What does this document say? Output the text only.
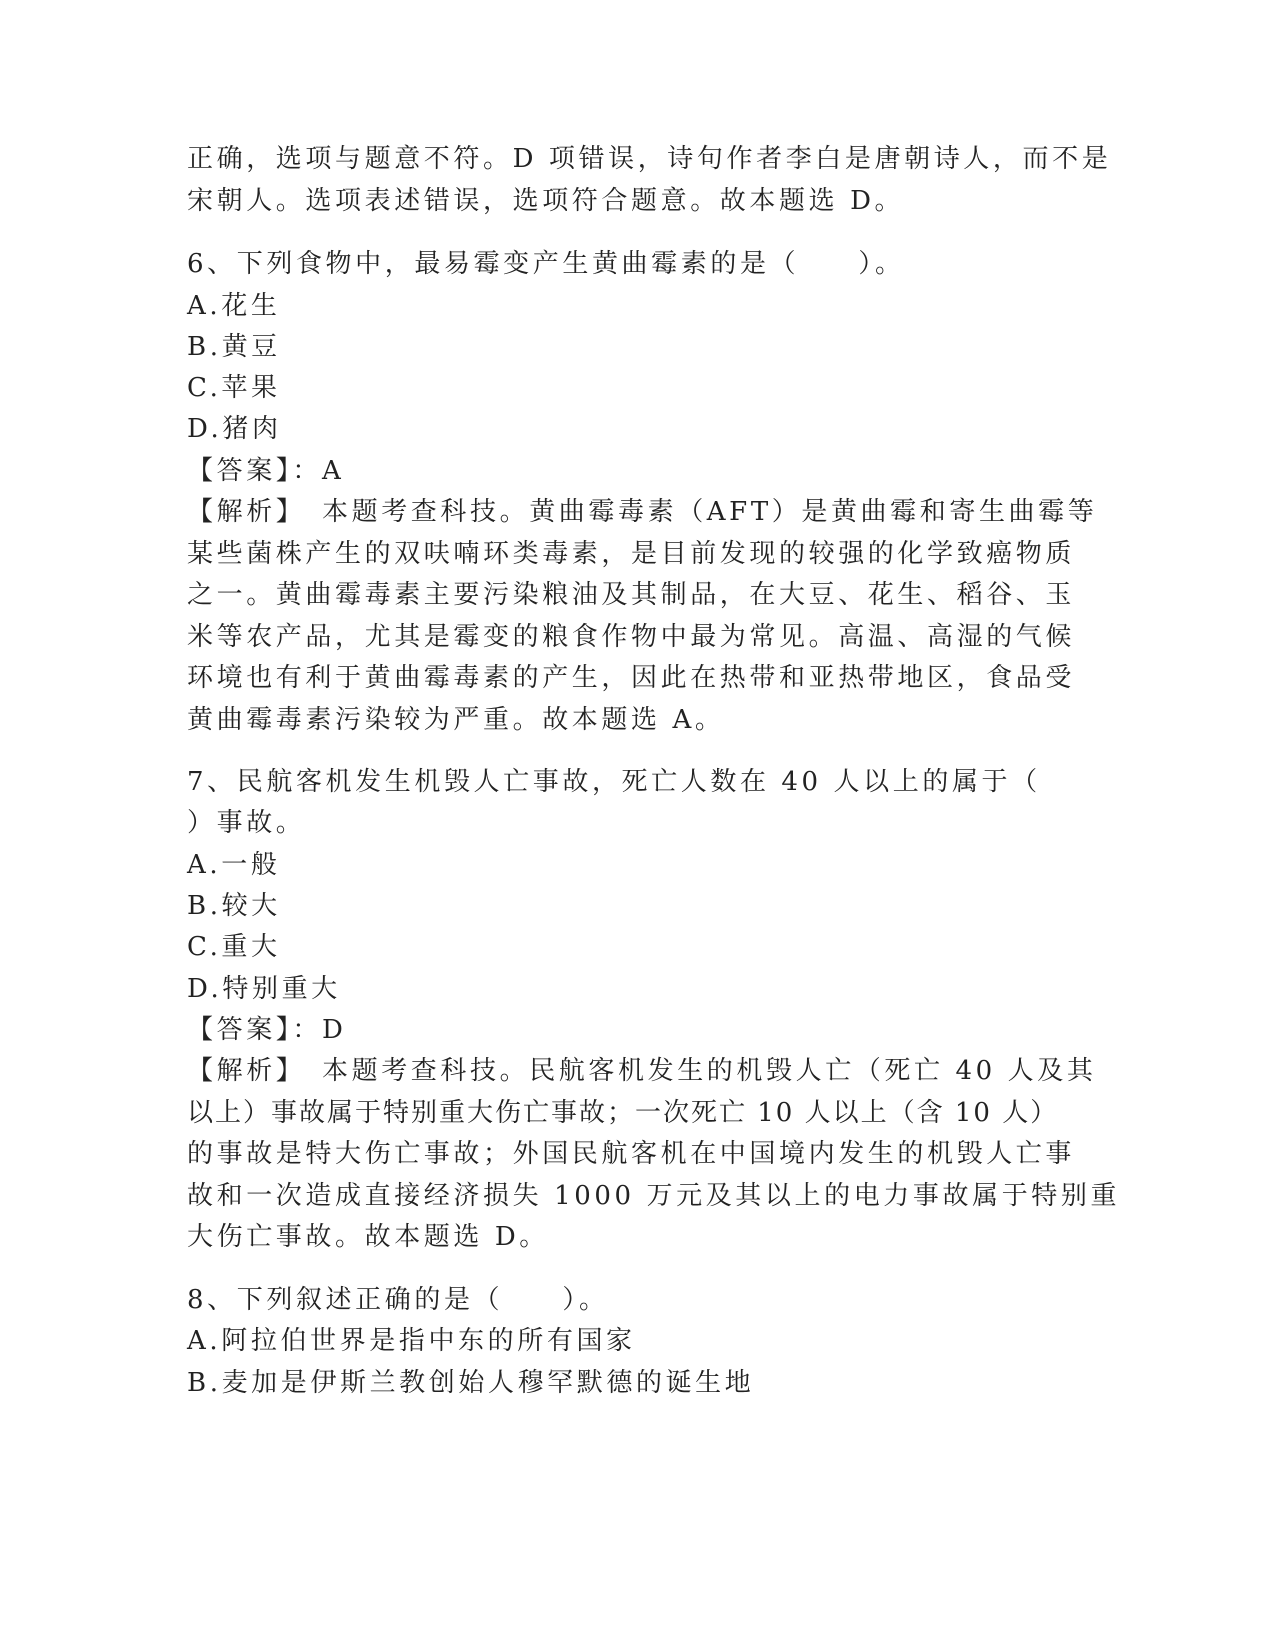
正确，选项与题意不符。D 项错误，诗句作者李白是唐朝诗人，而不是
宋朝人。选项表述错误，选项符合题意。故本题选 D。
6、下列食物中，最易霉变产生黄曲霉素的是（　　）。
A.花生
B.黄豆
C.苹果
D.猪肉
【答案】：A
【解析】　本题考查科技。黄曲霉毒素（AFT）是黄曲霉和寄生曲霉等
某些菌株产生的双呋喃环类毒素，是目前发现的较强的化学致癌物质
之一。黄曲霉毒素主要污染粮油及其制品，在大豆、花生、稻谷、玉
米等农产品，尤其是霉变的粮食作物中最为常见。高温、高湿的气候
环境也有利于黄曲霉毒素的产生，因此在热带和亚热带地区，食品受
黄曲霉毒素污染较为严重。故本题选 A。
7、民航客机发生机毁人亡事故，死亡人数在 40 人以上的属于（
）事故。
A.一般
B.较大
C.重大
D.特别重大
【答案】：D
【解析】　本题考查科技。民航客机发生的机毁人亡（死亡 40 人及其
以上）事故属于特别重大伤亡事故；一次死亡 10 人以上（含 10 人）
的事故是特大伤亡事故；外国民航客机在中国境内发生的机毁人亡事
故和一次造成直接经济损失 1000 万元及其以上的电力事故属于特别重
大伤亡事故。故本题选 D。
8、下列叙述正确的是（　　）。
A.阿拉伯世界是指中东的所有国家
B.麦加是伊斯兰教创始人穆罕默德的诞生地
